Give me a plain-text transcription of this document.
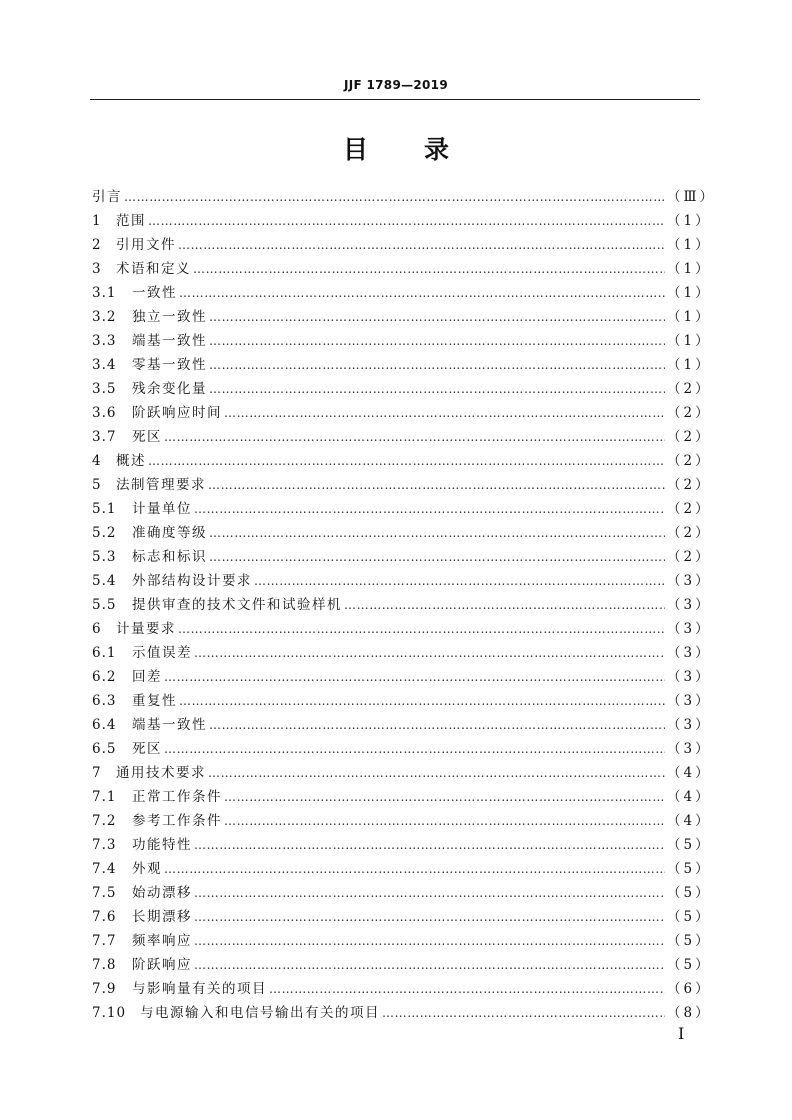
JJF 1789—2019
目 录
引言 ………………………………………………………………………………………………………………………………………………………………………………………………	（Ⅲ）
1	范围 ………………………………………………………………………………………………………………………………………………………………………………………………	（1）
2	引用文件 ………………………………………………………………………………………………………………………………………………………………………………………………	（1）
3	术语和定义 ………………………………………………………………………………………………………………………………………………………………………………………………	（1）
3.1	一致性 ………………………………………………………………………………………………………………………………………………………………………………………………	（1）
3.2	独立一致性 ………………………………………………………………………………………………………………………………………………………………………………………………	（1）
3.3	端基一致性 ………………………………………………………………………………………………………………………………………………………………………………………………	（1）
3.4	零基一致性 ………………………………………………………………………………………………………………………………………………………………………………………………	（1）
3.5	残余变化量 ………………………………………………………………………………………………………………………………………………………………………………………………	（2）
3.6	阶跃响应时间 ………………………………………………………………………………………………………………………………………………………………………………………………	（2）
3.7	死区 ………………………………………………………………………………………………………………………………………………………………………………………………	（2）
4	概述 ………………………………………………………………………………………………………………………………………………………………………………………………	（2）
5	法制管理要求 ………………………………………………………………………………………………………………………………………………………………………………………………	（2）
5.1	计量单位 ………………………………………………………………………………………………………………………………………………………………………………………………	（2）
5.2	准确度等级 ………………………………………………………………………………………………………………………………………………………………………………………………	（2）
5.3	标志和标识 ………………………………………………………………………………………………………………………………………………………………………………………………	（2）
5.4	外部结构设计要求 ………………………………………………………………………………………………………………………………………………………………………………………………	（3）
5.5	提供审查的技术文件和试验样机 ………………………………………………………………………………………………………………………………………………………………………………………………	（3）
6	计量要求 ………………………………………………………………………………………………………………………………………………………………………………………………	（3）
6.1	示值误差 ………………………………………………………………………………………………………………………………………………………………………………………………	（3）
6.2	回差 ………………………………………………………………………………………………………………………………………………………………………………………………	（3）
6.3	重复性 ………………………………………………………………………………………………………………………………………………………………………………………………	（3）
6.4	端基一致性 ………………………………………………………………………………………………………………………………………………………………………………………………	（3）
6.5	死区 ………………………………………………………………………………………………………………………………………………………………………………………………	（3）
7	通用技术要求 ………………………………………………………………………………………………………………………………………………………………………………………………	（4）
7.1	正常工作条件 ………………………………………………………………………………………………………………………………………………………………………………………………	（4）
7.2	参考工作条件 ………………………………………………………………………………………………………………………………………………………………………………………………	（4）
7.3	功能特性 ………………………………………………………………………………………………………………………………………………………………………………………………	（5）
7.4	外观 ………………………………………………………………………………………………………………………………………………………………………………………………	（5）
7.5	始动漂移 ………………………………………………………………………………………………………………………………………………………………………………………………	（5）
7.6	长期漂移 ………………………………………………………………………………………………………………………………………………………………………………………………	（5）
7.7	频率响应 ………………………………………………………………………………………………………………………………………………………………………………………………	（5）
7.8	阶跃响应 ………………………………………………………………………………………………………………………………………………………………………………………………	（5）
7.9	与影响量有关的项目 ………………………………………………………………………………………………………………………………………………………………………………………………	（6）
7.10	与电源输入和电信号输出有关的项目 ………………………………………………………………………………………………………………………………………………………………………………………………	（8）
I
